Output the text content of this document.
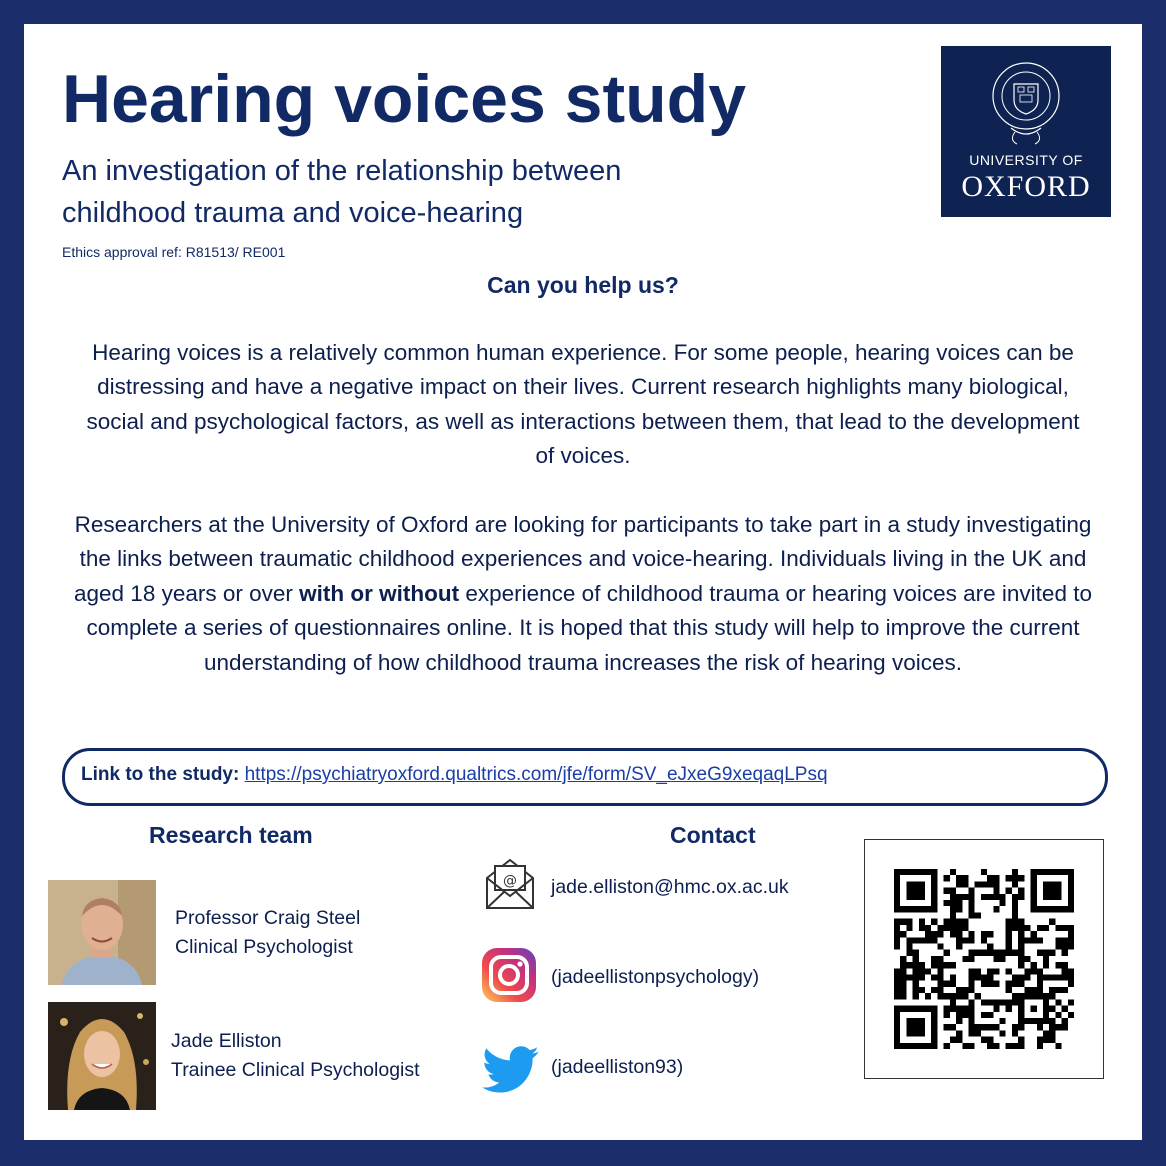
Hearing voices study
An investigation of the relationship between
childhood trauma and voice-hearing
Ethics approval ref: R81513/ RE001
UNIVERSITY OF
OXFORD
Can you help us?
Hearing voices is a relatively common human experience. For some people, hearing voices can be distressing and have a negative impact on their lives. Current research highlights many biological, social and psychological factors, as well as interactions between them, that lead to the development of voices.
Researchers at the University of Oxford are looking for participants to take part in a study investigating the links between traumatic childhood experiences and voice-hearing. Individuals living in the UK and aged 18 years or over with or without experience of childhood trauma or hearing voices are invited to complete a series of questionnaires online. It is hoped that this study will help to improve the current understanding of how childhood trauma increases the risk of hearing voices.
Link to the study: https://psychiatryoxford.qualtrics.com/jfe/form/SV_eJxeG9xeqaqLPsq
Research team	Contact
Professor Craig Steel
Clinical Psychologist
Jade Elliston
Trainee Clinical Psychologist
@ jade.elliston@hmc.ox.ac.uk
(jadeellistonpsychology)
(jadeelliston93)
